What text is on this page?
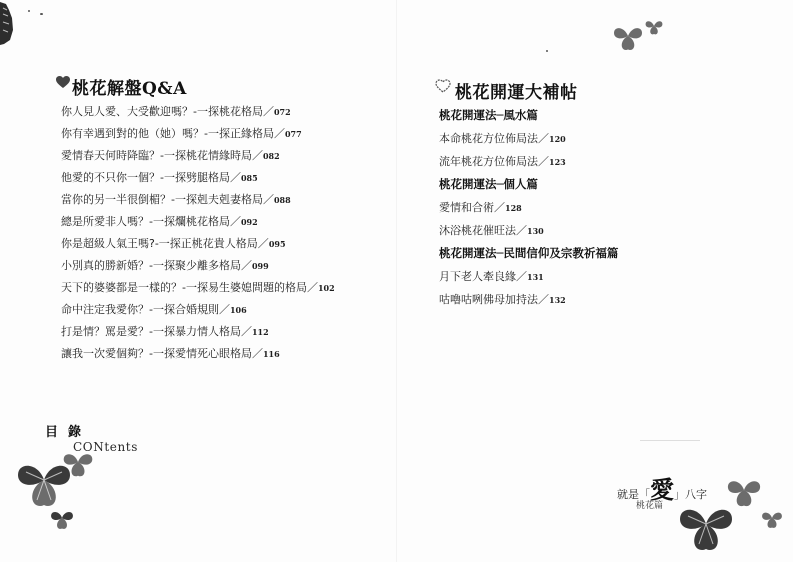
桃花解盤Q&A
你人見人愛、大受歡迎嗎？-一探桃花格局／072
你有幸遇到對的他（她）嗎？-一探正緣格局／077
愛情春天何時降臨？-一探桃花情緣時局／082
他愛的不只你一個？-一探劈腿格局／085
當你的另一半很倒楣？-一探剋夫剋妻格局／088
總是所愛非人嗎？-一探爛桃花格局／092
你是超級人氣王嗎?-一探正桃花貴人格局／095
小別真的勝新婚？-一探聚少離多格局／099
天下的婆婆都是一樣的？-一探易生婆媳問題的格局／102
命中注定我愛你？-一探合婚規則／106
打是情？罵是愛？-一探暴力情人格局／112
讓我一次愛個夠？-一探愛情死心眼格局／116
目錄
CONtents
桃花開運大補帖
桃花開運法─風水篇
本命桃花方位佈局法／120
流年桃花方位佈局法／123
桃花開運法─個人篇
愛情和合術／128
沐浴桃花催旺法／130
桃花開運法─民間信仰及宗教祈福篇
月下老人牽良緣／131
咕嚕咕咧佛母加持法／132
就是「愛」八字
桃花篇
